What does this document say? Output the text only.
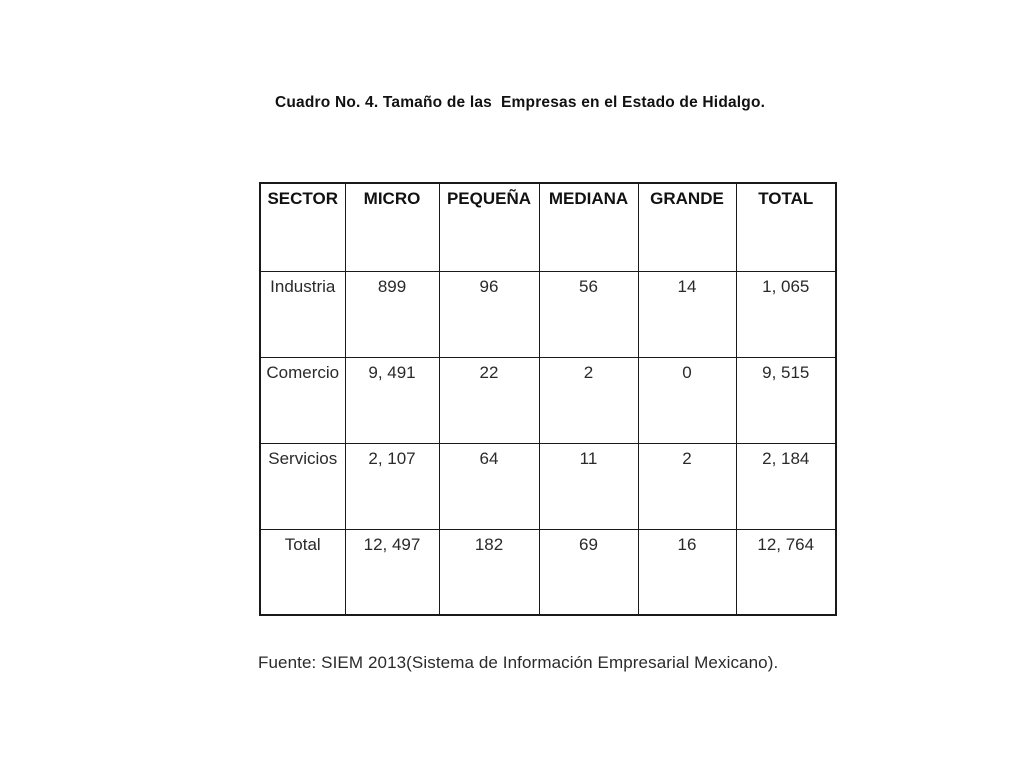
Cuadro No. 4. Tamaño de las  Empresas en el Estado de Hidalgo.
SECTOR	MICRO	PEQUEÑA	MEDIANA	GRANDE	TOTAL
Industria	899	96	56	14	1, 065
Comercio	9, 491	22	2	0	9, 515
Servicios	2, 107	64	11	2	2, 184
Total	12, 497	182	69	16	12, 764
Fuente: SIEM 2013(Sistema de Información Empresarial Mexicano).
